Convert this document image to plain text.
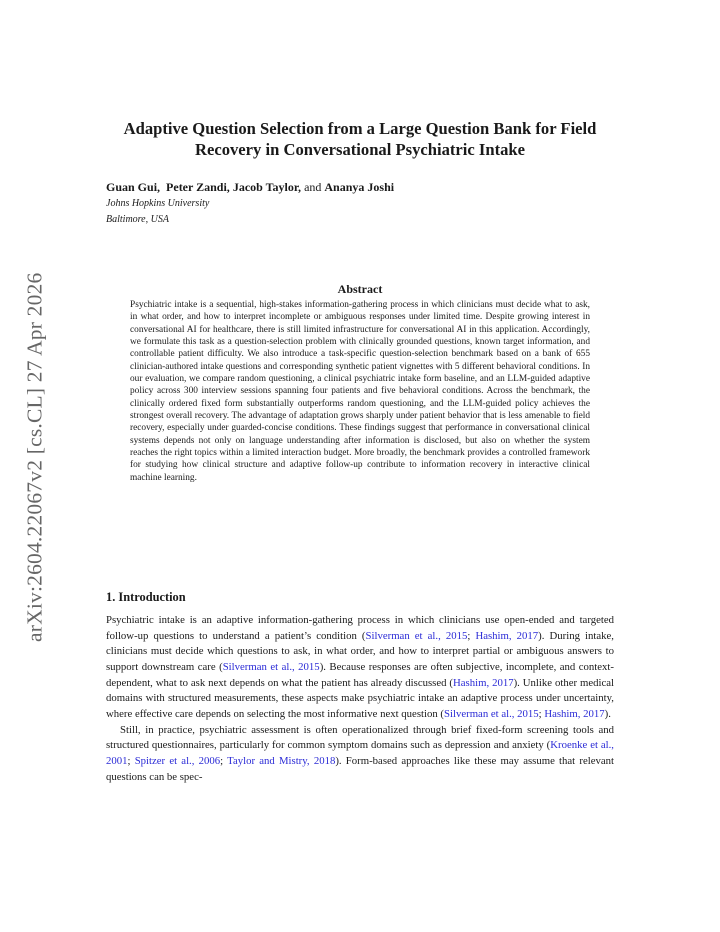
arXiv:2604.22067v2 [cs.CL] 27 Apr 2026
Adaptive Question Selection from a Large Question Bank for Field Recovery in Conversational Psychiatric Intake
Guan Gui, Peter Zandi, Jacob Taylor, and Ananya Joshi
Johns Hopkins University
Baltimore, USA
Abstract

Psychiatric intake is a sequential, high-stakes information-gathering process in which clinicians must decide what to ask, in what order, and how to interpret incomplete or ambiguous responses under limited time. Despite growing interest in conversational AI for healthcare, there is still limited infrastructure for conversational AI in this application. Accordingly, we formulate this task as a question-selection problem with clinically grounded questions, known target information, and controllable patient difficulty. We also introduce a task-specific question-selection benchmark based on a bank of 655 clinician-authored intake questions and corresponding synthetic patient vignettes with 5 different behavioral conditions. In our evaluation, we compare random questioning, a clinical psychiatric intake form baseline, and an LLM-guided adaptive policy across 300 interview sessions spanning four patients and five behavioral conditions. Across the benchmark, the clinically ordered fixed form substantially outperforms random questioning, and the LLM-guided policy achieves the strongest overall recovery. The advantage of adaptation grows sharply under patient behavior that is less amenable to field recovery, especially under guarded-concise conditions. These findings suggest that performance in conversational clinical systems depends not only on language understanding after information is disclosed, but also on whether the system reaches the right topics within a limited interaction budget. More broadly, the benchmark provides a controlled framework for studying how clinical structure and adaptive follow-up contribute to information recovery in interactive clinical machine learning.

1. Introduction

Psychiatric intake is an adaptive information-gathering process in which clinicians use open-ended and targeted follow-up questions to understand a patient’s condition (Silverman et al., 2015; Hashim, 2017). During intake, clinicians must decide which questions to ask, in what order, and how to interpret partial or ambiguous answers to support downstream care (Silverman et al., 2015). Because responses are often subjective, incomplete, and context-dependent, what to ask next depends on what the patient has already discussed (Hashim, 2017). Unlike other medical domains with structured measurements, these aspects make psychiatric intake an adaptive process under uncertainty, where effective care depends on selecting the most informative next question (Silverman et al., 2015; Hashim, 2017).

Still, in practice, psychiatric assessment is often operationalized through brief fixed-form screening tools and structured questionnaires, particularly for common symptom domains such as depression and anxiety (Kroenke et al., 2001; Spitzer et al., 2006; Taylor and Mistry, 2018). Form-based approaches like these may assume that relevant questions can be spec-
